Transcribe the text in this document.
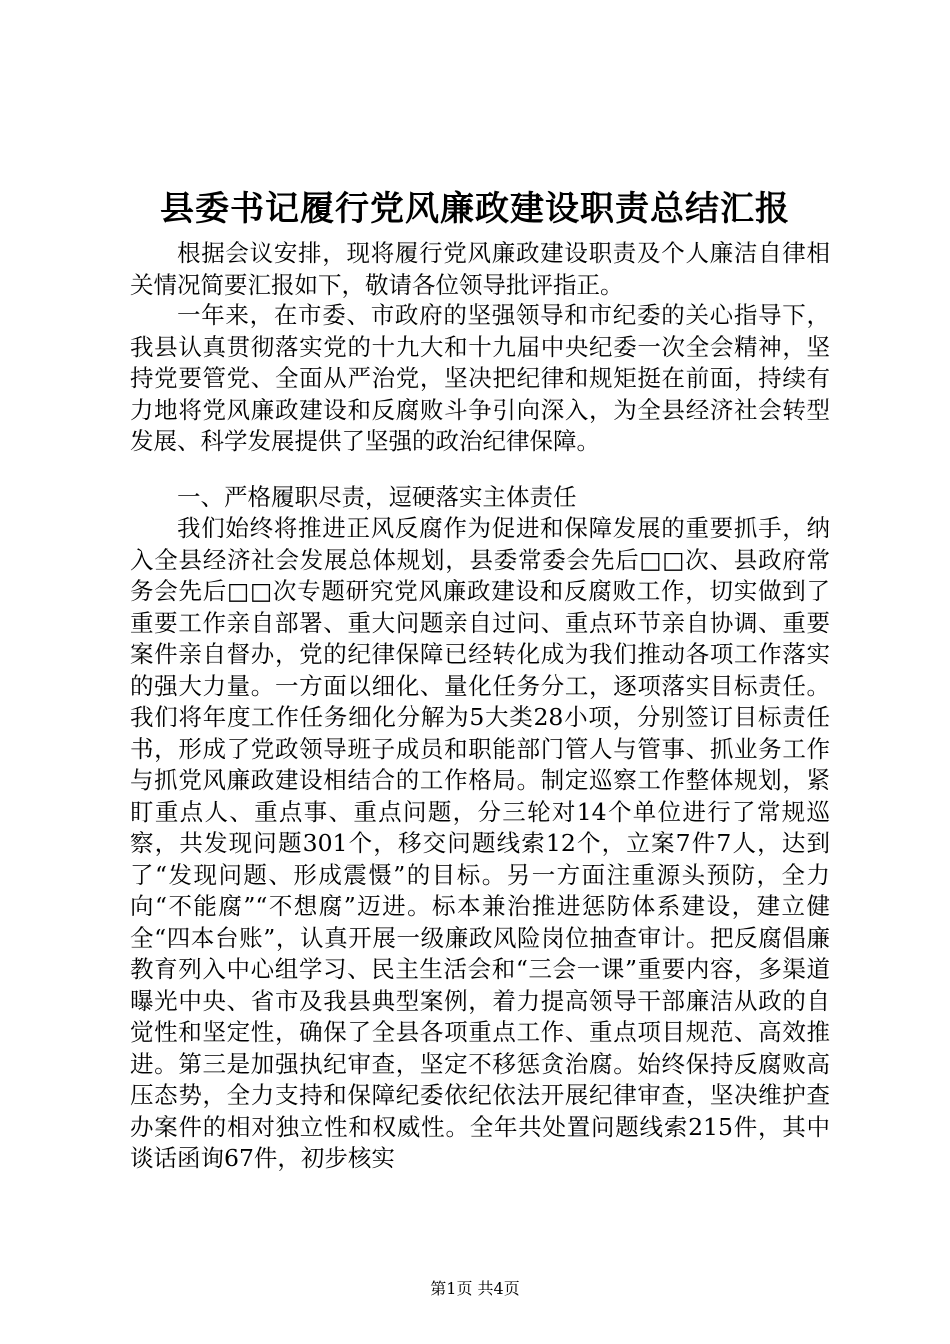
县委书记履行党风廉政建设职责总结汇报

根据会议安排，现将履行党风廉政建设职责及个人廉洁自律相关情况简要汇报如下，敬请各位领导批评指正。

一年来，在市委、市政府的坚强领导和市纪委的关心指导下，我县认真贯彻落实党的十九大和十九届中央纪委一次全会精神，坚持党要管党、全面从严治党，坚决把纪律和规矩挺在前面，持续有力地将党风廉政建设和反腐败斗争引向深入，为全县经济社会转型发展、科学发展提供了坚强的政治纪律保障。

一、严格履职尽责，逗硬落实主体责任

我们始终将推进正风反腐作为促进和保障发展的重要抓手，纳入全县经济社会发展总体规划，县委常委会先后□□次、县政府常务会先后□□次专题研究党风廉政建设和反腐败工作，切实做到了重要工作亲自部署、重大问题亲自过问、重点环节亲自协调、重要案件亲自督办，党的纪律保障已经转化成为我们推动各项工作落实的强大力量。一方面以细化、量化任务分工，逐项落实目标责任。我们将年度工作任务细化分解为5大类28小项，分别签订目标责任书，形成了党政领导班子成员和职能部门管人与管事、抓业务工作与抓党风廉政建设相结合的工作格局。制定巡察工作整体规划，紧盯重点人、重点事、重点问题，分三轮对14个单位进行了常规巡察，共发现问题301个，移交问题线索12个，立案7件7人，达到了“发现问题、形成震慑”的目标。另一方面注重源头预防，全力向“不能腐”“不想腐”迈进。标本兼治推进惩防体系建设，建立健全“四本台账”，认真开展一级廉政风险岗位抽查审计。把反腐倡廉教育列入中心组学习、民主生活会和“三会一课”重要内容，多渠道曝光中央、省市及我县典型案例，着力提高领导干部廉洁从政的自觉性和坚定性，确保了全县各项重点工作、重点项目规范、高效推进。第三是加强执纪审查，坚定不移惩贪治腐。始终保持反腐败高压态势，全力支持和保障纪委依纪依法开展纪律审查，坚决维护查办案件的相对独立性和权威性。全年共处置问题线索215件，其中谈话函询67件，初步核实

第1页 共4页
